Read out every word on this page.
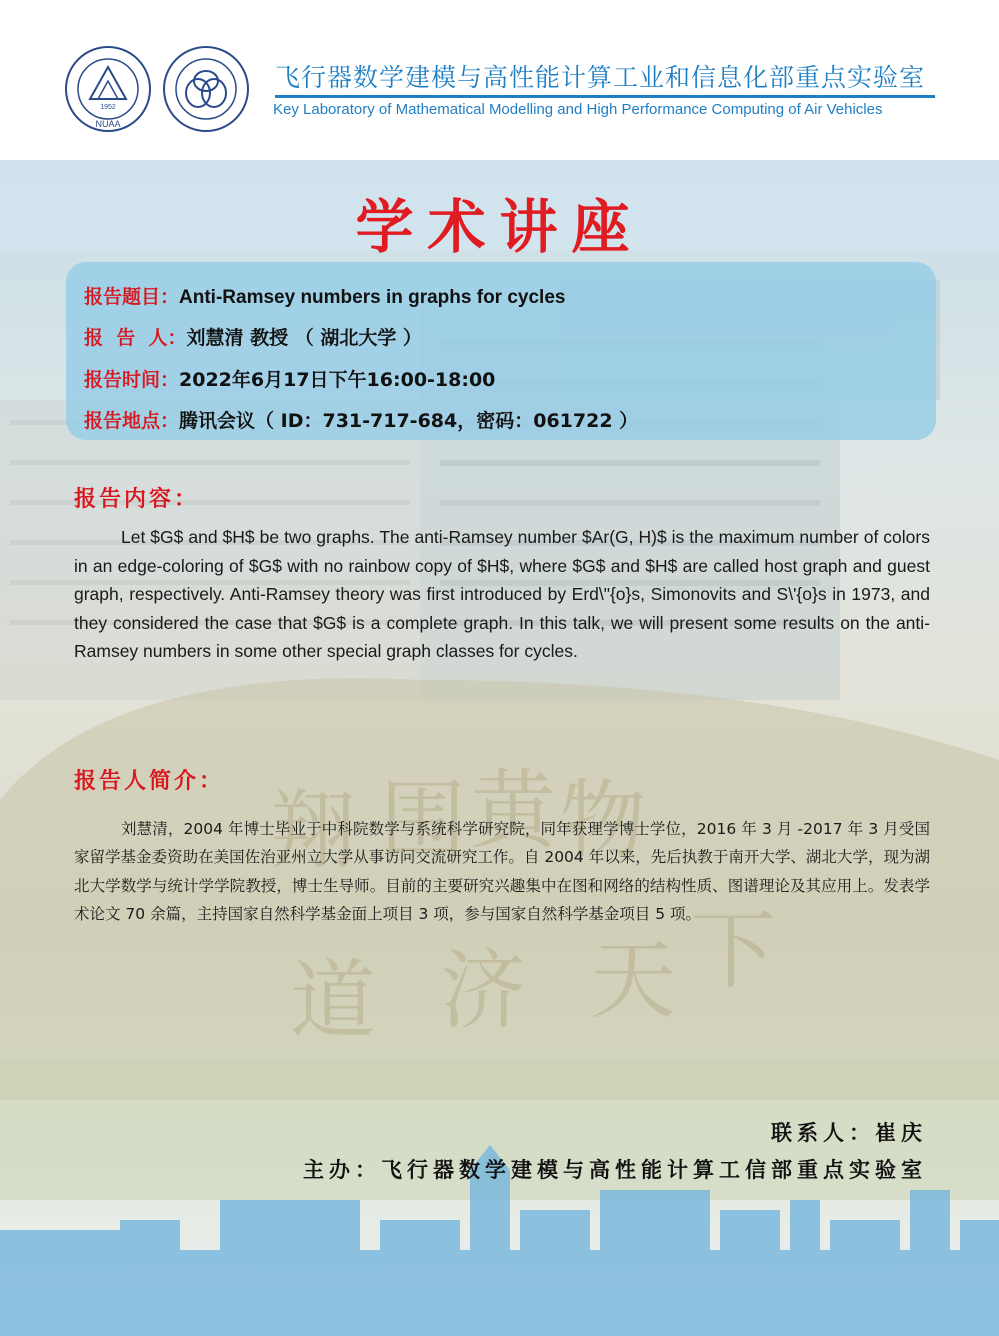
翔 围 黄 物
道 济 天 下
1952
NUAA
飞行器数学建模与高性能计算工业和信息化部重点实验室
Key Laboratory of Mathematical Modelling and High Performance Computing of Air Vehicles
学术讲座
报告题目：Anti-Ramsey numbers in graphs for cycles
报  告  人：刘慧清 教授 （ 湖北大学 ）
报告时间：2022年6月17日下午16:00-18:00
报告地点：腾讯会议（ ID：731-717-684，密码：061722 ）
报告内容：
Let $G$ and $H$ be two graphs. The anti-Ramsey number $Ar(G, H)$ is the maximum number of colors in an edge-coloring of $G$ with no rainbow copy of $H$, where $G$ and $H$ are called host graph and guest graph, respectively. Anti-Ramsey theory was first introduced by Erd\"{o}s, Simonovits and S\'{o}s in 1973, and they considered the case that $G$ is a complete graph. In this talk, we will present some results on the anti-Ramsey numbers in some other special graph classes for cycles.
报告人简介：
刘慧清，2004 年博士毕业于中科院数学与系统科学研究院，同年获理学博士学位，2016 年 3 月 -2017 年 3 月受国家留学基金委资助在美国佐治亚州立大学从事访问交流研究工作。自 2004 年以来，先后执教于南开大学、湖北大学，现为湖北大学数学与统计学学院教授，博士生导师。目前的主要研究兴趣集中在图和网络的结构性质、图谱理论及其应用上。发表学术论文 70 余篇，主持国家自然科学基金面上项目 3 项，参与国家自然科学基金项目 5 项。
联系人：崔庆
主办：飞行器数学建模与高性能计算工信部重点实验室
